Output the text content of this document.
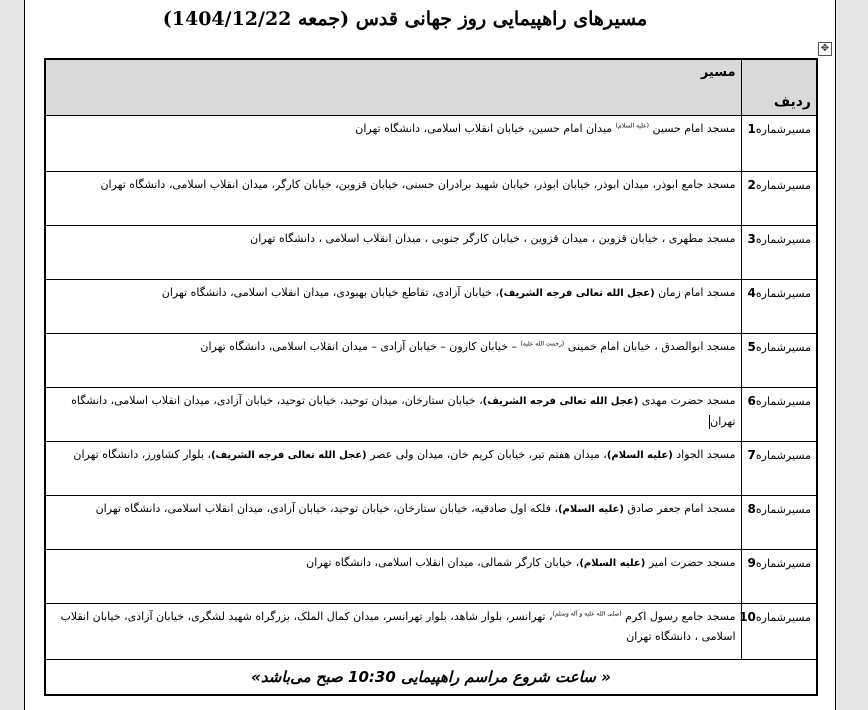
مسیرهای راهپیمایی روز جهانی قدس (جمعه 1404/12/22)
✥
ردیف	مسیر
مسیرشماره1	مسجد امام حسین $^{(علیه السلام)}$ میدان امام حسین، خیابان انقلاب اسلامی، دانشگاه تهران
مسیرشماره2	مسجد جامع ابوذر، میدان ابوذر، خیابان ابوذر، خیابان شهید برادران حسنی، خیابان قزوین، خیابان کارگر، میدان انقلاب اسلامی، دانشگاه تهران
مسیرشماره3	مسجد مطهری ، خیابان قزوین ، میدان قزوین ، خیابان کارگر جنوبی ، میدان انقلاب اسلامی ، دانشگاه تهران
مسیرشماره4	مسجد امام زمان (عجل الله تعالی فرجه الشریف)، خیابان آزادی، تقاطع خیابان بهبودی، میدان انقلاب اسلامی، دانشگاه تهران
مسیرشماره5	مسجد ابوالصدق ، خیابان امام خمینی $^{(رحمت الله علیه)}$ – خیابان کارون – خیابان آزادی – میدان انقلاب اسلامی، دانشگاه تهران
مسیرشماره6	مسجد حضرت مهدی (عجل الله تعالی فرجه الشریف)، خیابان ستارخان، میدان توحید، خیابان توحید، خیابان آزادی، میدان انقلاب اسلامی، دانشگاه تهران
مسیرشماره7	مسجد الجواد (علیه السلام)، میدان هفتم تیر، خیابان کریم خان، میدان ولی عصر (عجل الله تعالی فرجه الشریف)، بلوار کشاورز، دانشگاه تهران
مسیرشماره8	مسجد امام جعفر صادق (علیه السلام)، فلکه اول صادقیه، خیابان ستارخان، خیابان توحید، خیابان آزادی، میدان انقلاب اسلامی، دانشگاه تهران
مسیرشماره9	مسجد حضرت امیر (علیه السلام)، خیابان کارگر شمالی، میدان انقلاب اسلامی، دانشگاه تهران
مسیرشماره10	مسجد جامع رسول اکرم $^{(صلی الله علیه و آله وسلم)}$، تهرانسر، بلوار شاهد، بلوار تهرانسر، میدان کمال الملک، بزرگراه شهید لشگری، خیابان آزادی، خیابان انقلاب اسلامی ، دانشگاه تهران
« ساعت شروع مراسم راهپیمایی 10:30 صبح می‌باشد»	
